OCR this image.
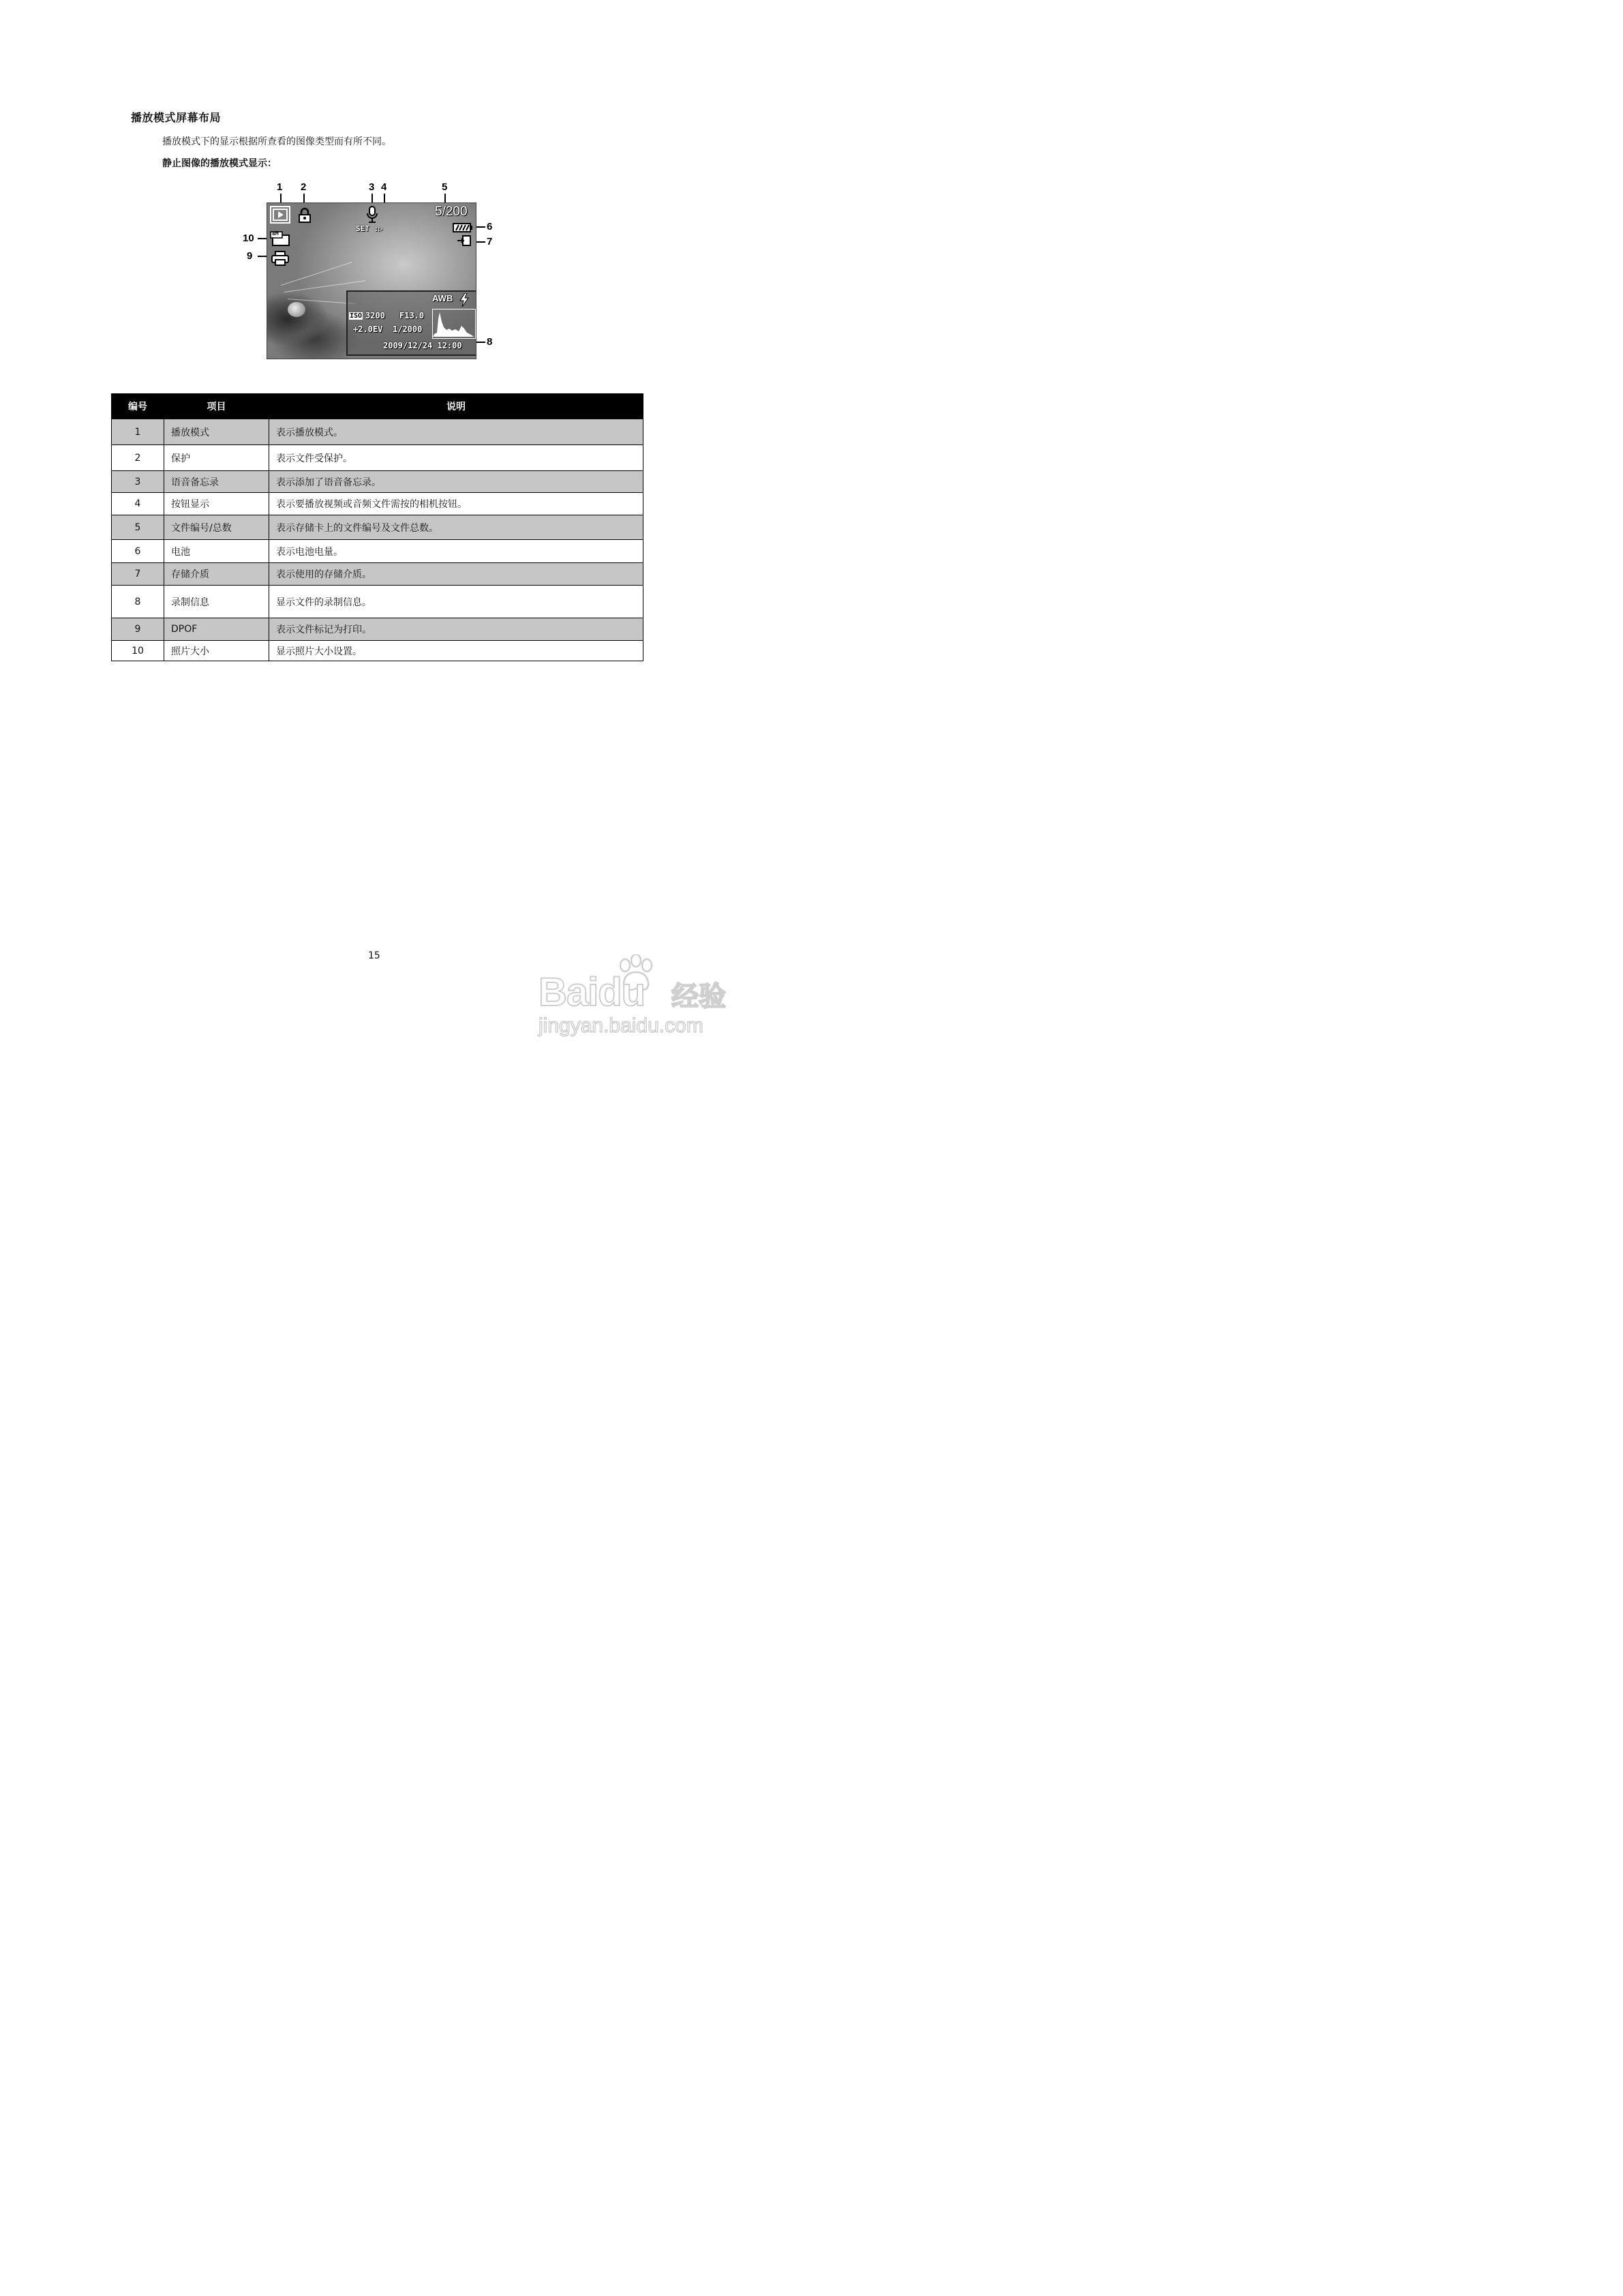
播放模式屏幕布局
播放模式下的显示根据所查看的图像类型而有所不同。
静止图像的播放模式显示：
1 2	3 4	5
6
7
8
9
10
SET :▷
5/200
8M
AWB
ISO 3200 F13.0
+2.0EV 1/2000
2009/12/24 12:00
编号	项目	说明
1	播放模式	表示播放模式。
2	保护	表示文件受保护。
3	语音备忘录	表示添加了语音备忘录。
4	按钮显示	表示要播放视频或音频文件需按的相机按钮。
5	文件编号/总数	表示存储卡上的文件编号及文件总数。
6	电池	表示电池电量。
7	存储介质	表示使用的存储介质。
8	录制信息	显示文件的录制信息。
9	DPOF	表示文件标记为打印。
10	照片大小	显示照片大小设置。
15
Baidu 经验
jingyan.baidu.com
